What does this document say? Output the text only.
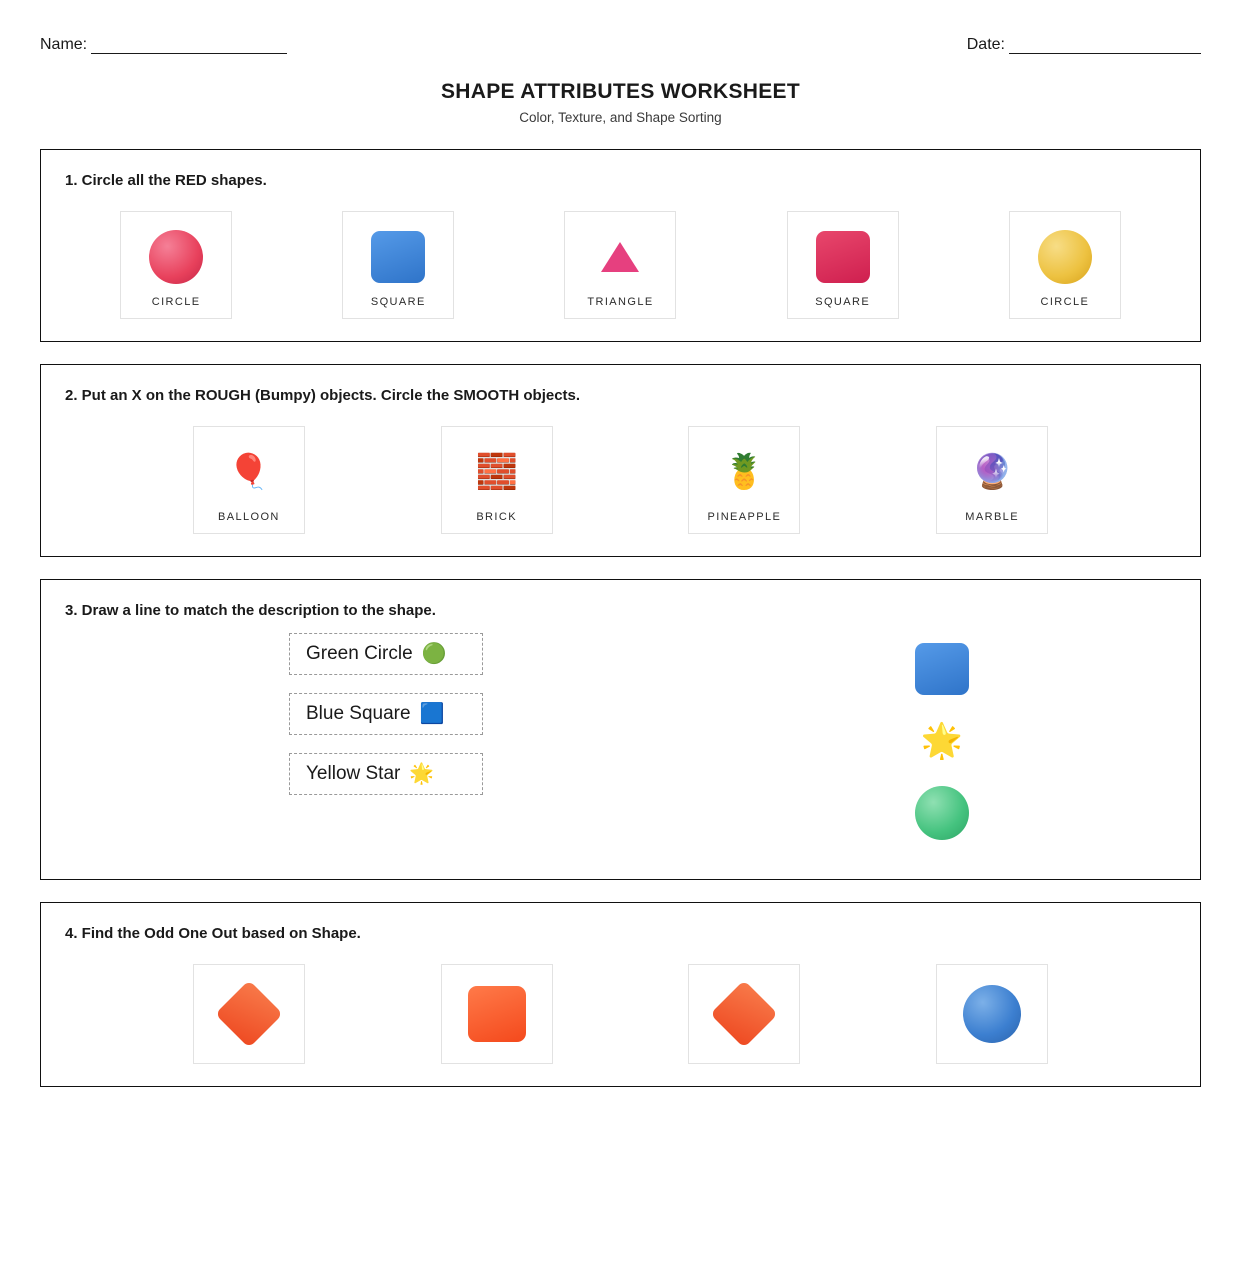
Name:	Date:
SHAPE ATTRIBUTES WORKSHEET
Color, Texture, and Shape Sorting
1. Circle all the RED shapes.
CIRCLE	SQUARE	TRIANGLE	SQUARE	CIRCLE
2. Put an X on the ROUGH (Bumpy) objects. Circle the SMOOTH objects.
🎈
BALLOON
🧱
BRICK
🍍
PINEAPPLE
🔮
MARBLE
3. Draw a line to match the description to the shape.
Green Circle 🟢
Blue Square 🟦
Yellow Star 🌟
🌟
4. Find the Odd One Out based on Shape.
